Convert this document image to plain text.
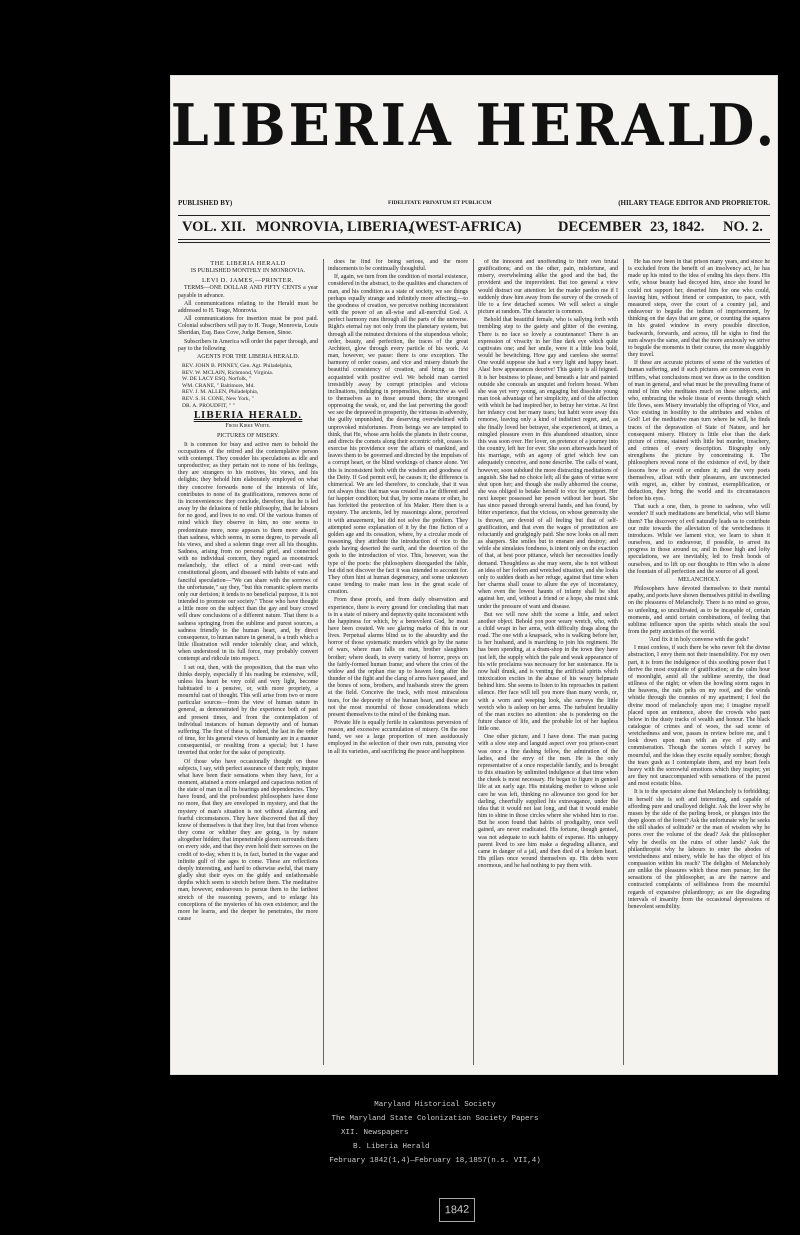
LIBERIA HERALD.
PUBLISHED BY)	FIDELITATE PRIVATUM ET PUBLICUM	(HILARY TEAGE EDITOR AND PROPRIETOR.
VOL. XII. MONROVIA, LIBERIA,
(WEST-AFRICA)	DECEMBER 23, 1842. NO. 2.
THE LIBERIA HERALD
IS PUBLISHED MONTHLY IN MONROVIA.
LEVI D. JAMES,—PRINTER.

TERMS—ONE DOLLAR AND FIFTY CENTS a year payable in advance.

All communications relating to the Herald must be addressed to H. Teage, Monrovia.

All communications for insertion must be post paid. Colonial subscribers will pay to H. Teage, Monrovia, Louis Sheridan, Esq. Bass Cove, Judge Benson, Sinoe.

Subscribers in America will order the paper through, and pay to the following

AGENTS FOR THE LIBERIA HERALD.
REV. JOHN B. PINNEY, Gen. Agt. Philadelphia,
REV. W. MCLAIN, Richmond, Virginia.
W. DE LACY ESQ. Norfolk, "
WM. CRANE, " Baltimore, Md.
REV. J. M. ALLEN, Philadelphia,
REV. S. H. CONE, New York, "
DR. A. PROUDFIT, " "
LIBERIA HERALD.
From Kirke White.
PICTURES OF MISERY.

It is common for busy and active men to behold the occupations of the retired and the contemplative person with contempt. They consider his speculations as idle and unproductive; as they pertain not to none of his feelings, they are strangers to his motives, his views, and his delights; they behold him elaborately employed on what they conceive forwards none of the interests of life, contributes to none of its gratifications, removes none of its inconveniences: they conclude, therefore, that he is led away by the delusions of futile philosophy, that he labours for no good, and lives to no end. Of the various frames of mind which they observe in him, no one seems to predominate more, none appears to them more absurd, than sadness, which seems, in some degree, to pervade all his views, and shed a solemn tinge over all his thoughts. Sadness, arising from no personal grief, and connected with no individual concern, they regard as moonstruck melancholy, the effect of a mind over-cast with constitutional gloom, and diseased with habits of vain and fanciful speculation—"We can share with the sorrows of the unfortunate," say they, "but this romantic spleen merits only our derision; it tends to no beneficial purpose, it is not intended to promote our society." Those who have thought a little more on the subject than the gay and busy crowd will draw conclusions of a different nature. That there is a sadness springing from the sublime and purest sources, a sadness friendly to the human heart, and, by direct consequence, to human nature in general, is a truth which a little illustration will render tolerably clear, and which, when understood in its full force, may probably convert contempt and ridicule into respect.

I set out, then, with the proposition, that the man who thinks deeply, especially if his reading be extensive, will, unless his heart be very cold and very light, become habituated to a pensive, or, with more propriety, a mournful cast of thought. This will arise from two or more particular sources—from the view of human nature in general, as demonstrated by the experience both of past and present times, and from the contemplation of individual instances of human depravity and of human suffering. The first of these is, indeed, the last in the order of time, for his general views of humanity are in a manner consequential, or resulting from a special; but I have inverted that order for the sake of perspicuity.

Of those who have occasionally thought on these subjects, I say, with perfect assurance of their reply, inquire what have been their sensations when they have, for a moment, attained a more enlarged and capacious notion of the state of man in all its bearings and dependencies. They have found, and the profoundest philosophers have done no more, that they are enveloped in mystery, and that the mystery of man's situation is not without alarming and fearful circumstances. They have discovered that all they know of themselves is that they live, but that from whence they come or whither they are going, is by nature altogether hidden; that impenetrable gloom surrounds them on every side, and that they even hold their sorrows on the credit of to-day, when it is, in fact, buried in the vague and infinite gulf of the ages to come. These are reflections deeply interesting, and hard to otherwise awful, that many gladly shut their eyes on the giddy and unfathomable depths which seem to stretch before them. The meditative man, however, endeavours to pursue them to the farthest stretch of the reasoning powers, and to enlarge his conceptions of the mysteries of his own existence; and the more he learns, and the deeper he penetrates, the more cause

does he find for being serious, and the more inducements to be continually thoughtful.

If, again, we turn from the condition of mortal existence, considered in the abstract, to the qualities and characters of man, and his condition as a state of society, we see things perhaps equally strange and infinitely more affecting,—to the goodness of creation, we perceive nothing inconsistent with the power of an all-wise and all-merciful God. A perfect harmony runs through all the parts of the universe. Right's eternal ray not only from the planetary system, but through all the minutest divisions of the stupendous whole; order, beauty, and perfection, the traces of the great Architect, glow through every particle of his work. At man, however, we pause: there is one exception. The harmony of order ceases, and vice and misery disturb the beautiful consistency of creation, and bring us first acquainted with positive evil. We behold man carried irresistibly away by corrupt principles and vicious inclinations, indulging in propensities, destructive as well to themselves as to those around them; the strongest oppressing the weak, or, and the last perverting the good! we see the depraved in prosperity, the virtuous in adversity, the guilty unpunished, the deserving overwhelmed with unprovoked misfortunes. From beings we are tempted to think, that He, whose arm holds the planets in their course, and directs the comets along their eccentric orbit, ceases to exercise his providence over the affairs of mankind, and leaves them to be governed and directed by the impulses of a corrupt heart, or the blind workings of chance alone. Yet this is inconsistent both with the wisdom and goodness of the Deity. If God permit evil, he causes it; the difference is chimerical. We are led therefore, to conclude, that it was not always thus: that man was created in a far different and far happier condition; but that, by some means or other, he has forfeited the protection of his Maker. Here then is a mystery. The ancients, led by reasonings alone, perceived it with amazement, but did not solve the problem. They attempted some explanation of it by the fine fiction of a golden age and its cessation, where, by a circular mode of reasoning, they attribute the introduction of vice to the gods having deserted the earth, and the desertion of the gods to the introduction of vice. This, however, was the type of the poets: the philosophers disregarded the fable, but did not discover the fact it was intended to account for. They often hint at human degeneracy, and some unknown cause tending to make man less in the great scale of creation.

From these proofs, and from daily observation and experience, there is every ground for concluding that man is in a state of misery and depravity quite inconsistent with the happiness for which, by a benevolent God, he must have been created. We see glaring marks of this in our lives. Perpetual alarms blind us to the absurdity and the horror of those systematic murders which go by the name of wars, where man falls on man, brother slaughters brother; where death, in every variety of horror, preys on the fairly-formed human frame; and where the cries of the widow and the orphan rise up to heaven long after the thunder of the fight and the clang of arms have passed, and the bones of sons, brothers, and husbands strew the green at the field. Conceive the track, with most miraculous tears, for the depravity of the human heart, and these are not the most mournful of those considerations which present themselves to the mind of the thinking man.

Private life is equally fertile in calamitous perversion of reason, and excessive accumulation of misery. On the one hand, we see a large proportion of men assiduously employed in the selection of their own ruin, pursuing vice in all its varieties, and sacrificing the peace and happiness

of the innocent and unoffending to their own brutal gratifications; and on the other, pain, misfortune, and misery, overwhelming alike the good and the bad, the provident and the improvident. But too general a view would distract our attention: let the reader pardon me if I suddenly draw him away from the survey of the crowds of life to a few detached scenes. We will select a single picture at random. The character is common.

Behold that beautiful female, who is sallying forth with trembling step to the gaiety and glitter of the evening. There is no face so lovely a countenance! There is an expression of vivacity in her fine dark eye which quite captivates one; and her smile, were it a little less bold, would be bewitching. How gay and careless she seems! One would suppose she had a very light and happy heart. Alas! how appearances deceive! This gaiety is all feigned. It is her business to please, and beneath a fair and painted outside she conceals an unquiet and forlorn breast. When she was yet very young, an engaging but dissolute young man took advantage of her simplicity, and of the affection with which he had inspired her, to betray her virtue. At first her infancy cost her many tears; but habit wore away this remorse, leaving only a kind of indistinct regret, and, as she finally loved her betrayer, she experienced, at times, a mingled pleasure even in this abandoned situation, since this was soon over. Her lover, on pretence of a journey into the country, left her for ever. She soon afterwards heard of his marriage, with an agony of grief which few can adequately conceive, and none describe. The calls of want, however, soon subdued the more distracting meditations of anguish. She had no choice left; all the gates of virtue were shut upon her; and though she really abhorred the course, she was obliged to betake herself to vice for support. Her next keeper possessed her person without her heart. She has since passed through several hands, and has found, by bitter experience, that the vicious, on whose generosity she is thrown, are devoid of all feeling but that of self-gratification, and that even the wages of prostitution are reluctantly and grudgingly paid. She now looks on all men as sharpers. She smiles but to ensnare and destroy; and while she simulates fondness, is intent only on the exaction of that, at best poor pittance, which her necessities loudly demand. Thoughtless as she may seem, she is not without an idea of her forlorn and wretched situation, and she looks only to sudden death as her refuge, against that time when her charms shall cease to allure the eye of inconstancy, when even the lowest haunts of infamy shall be shut against her, and, without a friend or a hope, she must sink under the pressure of want and disease.

But we will now shift the scene a little, and select another object. Behold yon poor weary wretch, who, with a child wrapt in her arms, with difficulty drags along the road. The one with a knapsack, who is walking before her, is her husband, and is marching to join his regiment. He has been spending, at a dram-shop in the town they have just left, the supply which the pale and weak appearance of his wife proclaims was necessary for her sustenance. He is now half drunk, and is venting the artificial spirits which intoxication excites in the abuse of his weary helpmate behind him. She seems to listen to his reproaches in patient silence. Her face will tell you more than many words, or, with a worn and weeping look, she surveys the little wretch who is asleep on her arms. The turbulent brutality of the man excites no attention: she is pondering on the future chance of life, and the probable lot of her hapless little one.

One other picture, and I have done. The man pacing with a slow step and languid aspect over you prison-court was once a fine dashing fellow, the admiration of the ladies, and the envy of the men. He is the only representative of a once respectable family, and is brought to this situation by unlimited indulgence at that time when the cheek is most necessary. He began to figure in genteel life at an early age. His mistaking mother to whose sole care he was left, thinking no allowance too good for her darling, cheerfully supplied his extravagance, under the idea that it would not last long, and that it would enable him to shine in those circles where she wished him to rise. But he soon found that habits of prodigality, once well gained, are never eradicated. His fortune, though genteel, was not adequate to such habits of expense. His unhappy parent lived to see him make a degrading alliance, and came in danger of a jail, and then died of a broken heart. His pillars once wound themselves up. His debts were enormous, and he had nothing to pay them with.

He has now been in that prison many years, and since he is excluded from the benefit of an insolvency act, he has made up his mind to the idea of ending his days there. His wife, whose beauty had decoyed him, since she found he could not support her, deserted him for one who could, leaving him, without friend or companion, to pace, with measured steps, over the court of a country jail, and endeavour to beguile the tedium of imprisonment, by thinking on the days that are gone, or counting the squares in his grated window in every possible direction, backwards, forwards, and across, till he sighs to find the sum always the same, and that the more anxiously we strive to beguile the moments in their course, the more sluggishly they travel.

If these are accurate pictures of some of the varieties of human suffering, and if such pictures are common even in trifflers, what conclusions must we draw as to the condition of man in general, and what must be the prevailing frame of mind of him who meditates much on these subjects, and who, embracing the whole tissue of events through which life flows, sees Misery invariably the offspring of Vice, and Vice existing in hostility to the attributes and wishes of God! Let the meditative man turn where he will, he finds traces of the depravation of State of Nature, and her consequent misery. History is little else than the dark picture of crime, stained with little but murder, treachery, and crimes of every description. Biography only strengthens the picture by concentrating it. The philosophers reveal none of the existence of evil, by their lessons how to avoid or endure it; and the very poets themselves, afloat with their pleasures, are unconnected with regret, as, either by contrast, exemplification, or deduction, they bring the world and its circumstances before his eyes.

That such a one, then, is prone to sadness, who will wonder? If such meditations are beneficial, who will blame them? The discovery of evil naturally leads us to contribute our mite towards the alleviation of the wretchedness it introduces. While we lament vice, we learn to shun it ourselves, and to endeavour, if possible, to arrest its progress in those around us; and in those high and lofty speculations, we are inevitably, led to fresh bonds of ourselves, and to lift up our thoughts to Him who is alone the fountain of all perfection and the source of all good.

MELANCHOLY.

Philosophers have devoted themselves to their mental apathy, and poets have shown themselves pitiful in dwelling on the pleasures of Melancholy. There is no mind so gross, so unfeeling, so uncultivated, as to be incapable of, certain moments, and amid certain combinations, of feeling that sublime influence upon the spirits which steals the soul from the petty anxieties of the world.

'And fix it in holy converse with the gods!'

I must confess, if such there be who never felt the divine abstraction, I envy them not their insensibility. For my own part, it is from the indulgence of this soothing power that I derive the most exquisite of gratification; at the calm hour of moonlight, amid all the sublime serenity, the dead stillness of the night; or when the howling storm rages in the heavens, the rain pelts on my roof, and the winds whistle through the crannies of my apartment; I feel the divine mood of melancholy upon me; I imagine myself placed upon an eminence, above the crowds who pant below in the dusty tracks of wealth and honour. The black catalogue of crimes and of woes, the sad scene of wretchedness and woe, passes in review before me, and I look down upon man with an eye of pity and commiseration. Though the scenes which I survey be mournful, and the ideas they excite equally sombre; though the tears gush as I contemplate them, and my heart feels heavy with the sorrowful emotions which they inspire; yet are they not unaccompanied with sensations of the purest and most ecstatic bliss.

It is to the spectator alone that Melancholy is forbidding; in herself she is soft and interesting, and capable of affording pure and unalloyed delight. Ask the lover why he muses by the side of the purling brook, or plunges into the deep gloom of the forest? Ask the unfortunate why he seeks the still shades of solitude? or the man of wisdom why he pores over the volume of the dead? Ask the philosopher why he dwells on the ruins of other lands? Ask the philanthropist why he labours to enter the abodes of wretchedness and misery, while he has the object of his compassion within his reach? The delights of Melancholy are unlike the pleasures which these men pursue; for the sensations of the philosopher, as are the narrow and contracted complaints of selfishness from the mournful regards of expansive philanthropy; as are the degrading intervals of insanity from the occasional depressions of benevolent sensibility.

Maryland Historical Society
The Maryland State Colonization Society Papers
XII. Newspapers
B. Liberia Herald
February 1842(1,4)—February 18,1857(n.s. VII,4)
1842
